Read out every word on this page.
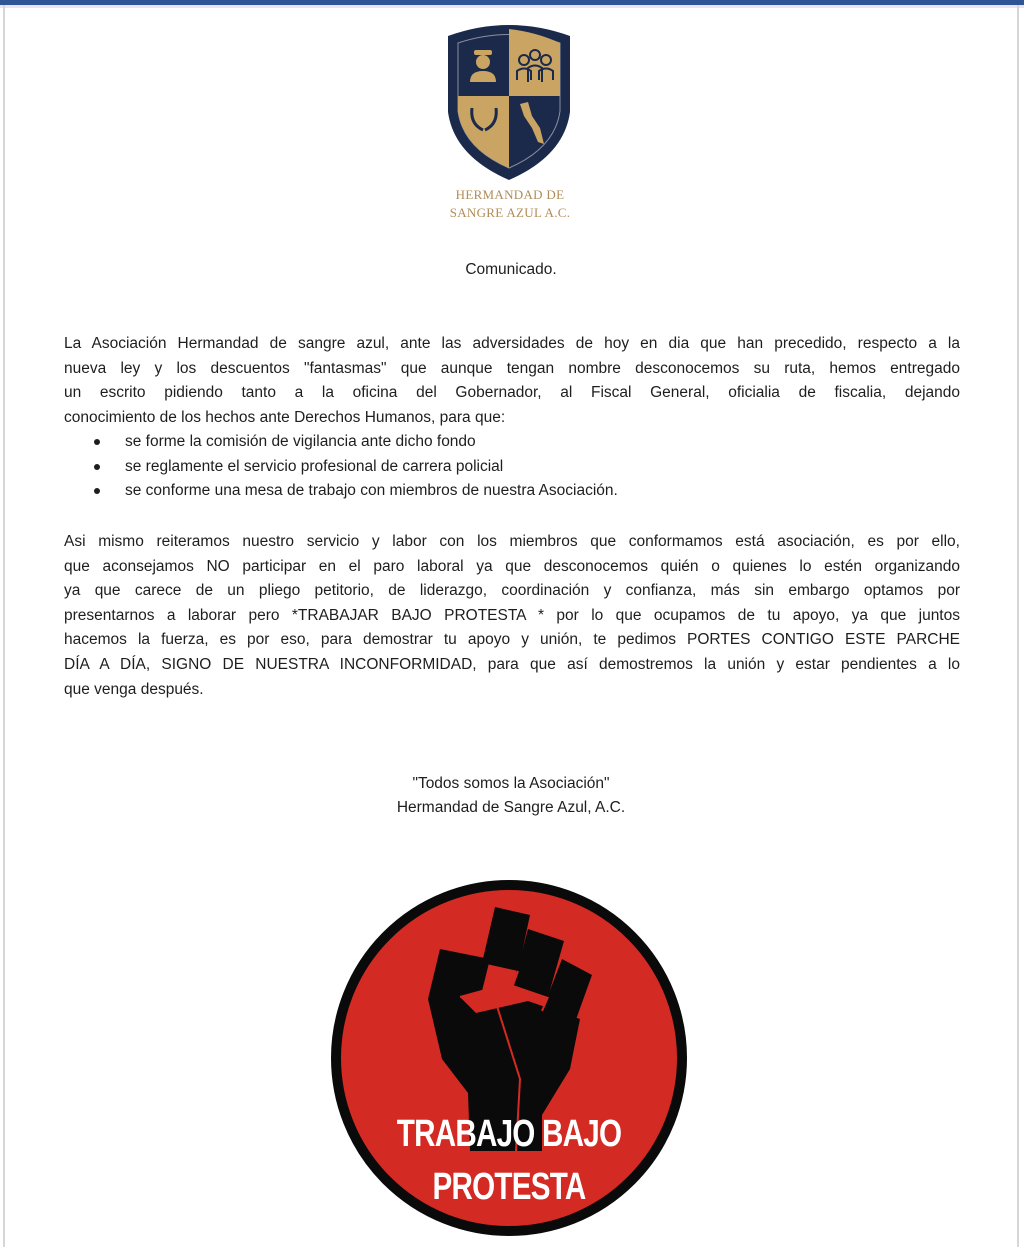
HERMANDAD DE
SANGRE AZUL A.C.
Comunicado.
La Asociación Hermandad de sangre azul, ante las adversidades de hoy en dia que han precedido, respecto a la
nueva ley y los descuentos "fantasmas" que aunque tengan nombre desconocemos su ruta, hemos entregado
un escrito pidiendo tanto a la oficina del Gobernador, al Fiscal General, oficialia de fiscalia, dejando
conocimiento de los hechos ante Derechos Humanos, para que:
se forme la comisión de vigilancia ante dicho fondo
se reglamente el servicio profesional de carrera policial
se conforme una mesa de trabajo con miembros de nuestra Asociación.
Asi mismo reiteramos nuestro servicio y labor con los miembros que conformamos está asociación, es por ello,
que aconsejamos NO participar en el paro laboral ya que desconocemos quién o quienes lo estén organizando
ya que carece de un pliego petitorio, de liderazgo, coordinación y confianza, más sin embargo optamos por
presentarnos a laborar pero *TRABAJAR BAJO PROTESTA * por lo que ocupamos de tu apoyo, ya que juntos
hacemos la fuerza, es por eso, para demostrar tu apoyo y unión, te pedimos PORTES CONTIGO ESTE PARCHE
DÍA A DÍA, SIGNO DE NUESTRA INCONFORMIDAD, para que así demostremos la unión y estar pendientes a lo
que venga después.
"Todos somos la Asociación"
Hermandad de Sangre Azul, A.C.
TRABAJO BAJO
PROTESTA
